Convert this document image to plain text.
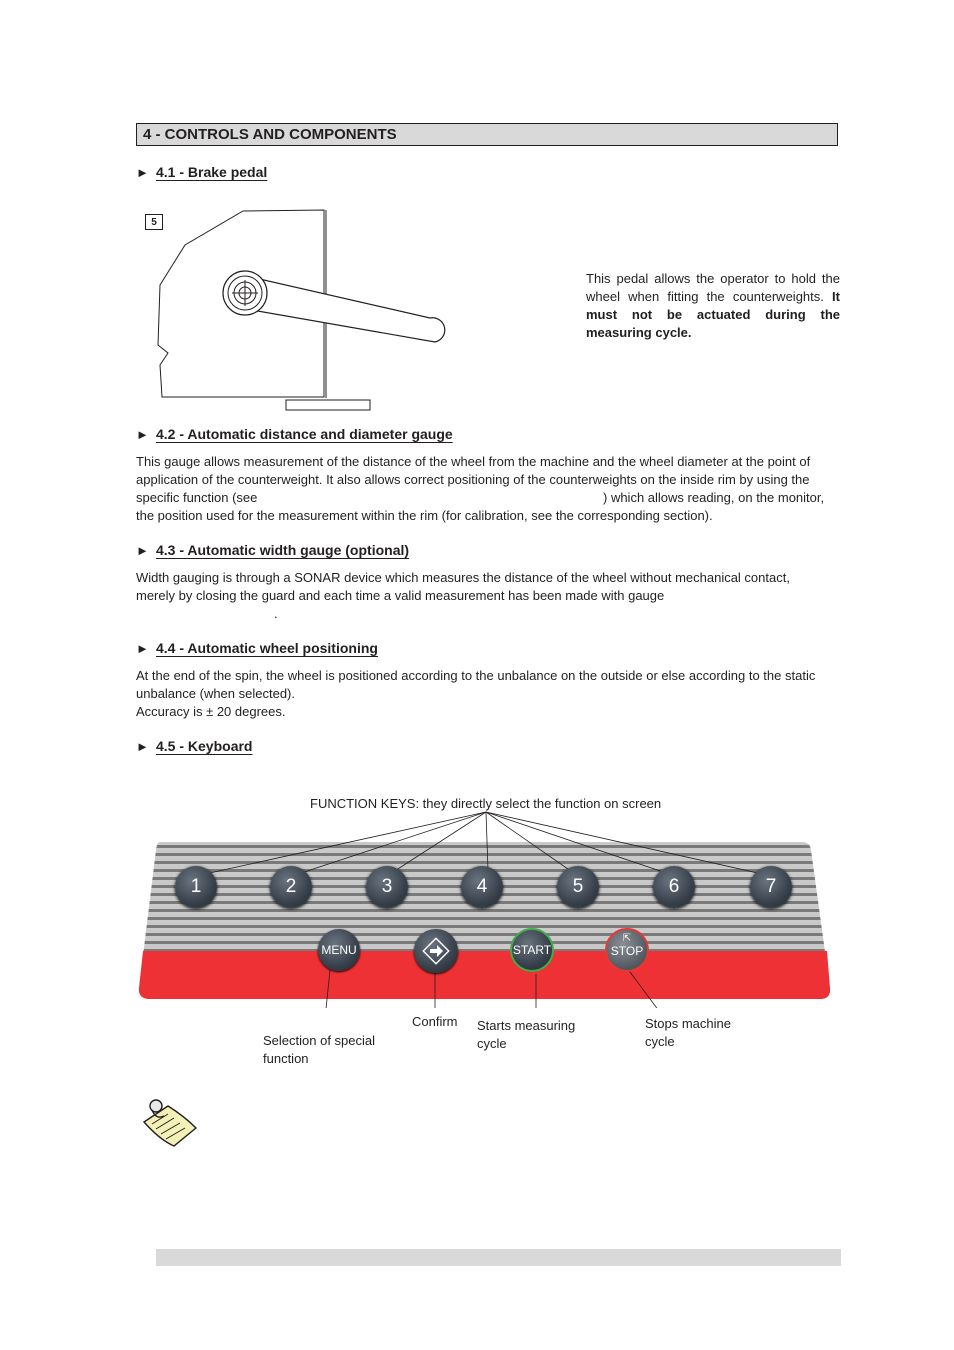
4 - CONTROLS AND COMPONENTS
► 4.1 - Brake pedal
5
This pedal allows the operator to hold the wheel when fitting the counterweights. It must not be actuated during the measuring cycle.
► 4.2 - Automatic distance and diameter gauge
This gauge allows measurement of the distance of the wheel from the machine and the wheel diameter at the point of
application of the counterweight. It also allows correct positioning of the counterweights on the inside rim by using the
specific function (see	) which allows reading, on the monitor,
the position used for the measurement within the rim (for calibration, see the corresponding section).
► 4.3 - Automatic width gauge (optional)
Width gauging is through a SONAR device which measures the distance of the wheel without mechanical contact,
merely by closing the guard and each time a valid measurement has been made with gauge
.
► 4.4 - Automatic wheel positioning
At the end of the spin, the wheel is positioned according to the unbalance on the outside or else according to the static
unbalance (when selected).
Accuracy is ± 20 degrees.
► 4.5 - Keyboard
FUNCTION KEYS: they directly select the function on screen
1	2	3	4	5	6	7
MENU	START
⇱
STOP
Selection of special
function
Confirm Starts measuring
cycle
Stops machine
cycle
